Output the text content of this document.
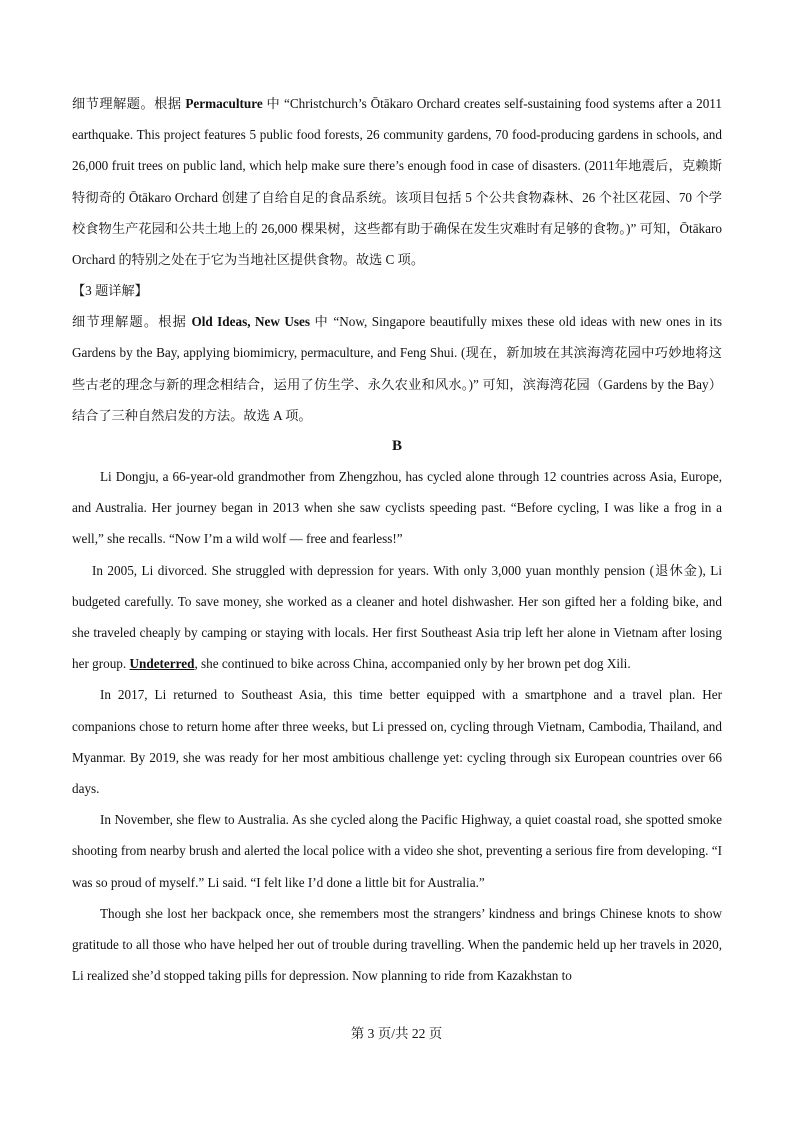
细节理解题。根据 Permaculture 中 “Christchurch’s Ōtākaro Orchard creates self-sustaining food systems after a 2011 earthquake. This project features 5 public food forests, 26 community gardens, 70 food-producing gardens in schools, and 26,000 fruit trees on public land, which help make sure there’s enough food in case of disasters. (2011年地震后，克赖斯特彻奇的 Ōtākaro Orchard 创建了自给自足的食品系统。该项目包括 5 个公共食物森林、26 个社区花园、70 个学校食物生产花园和公共土地上的 26,000 棵果树，这些都有助于确保在发生灾难时有足够的食物。)” 可知，Ōtākaro Orchard 的特别之处在于它为当地社区提供食物。故选 C 项。

【3 题详解】

细节理解题。根据 Old Ideas, New Uses 中 “Now, Singapore beautifully mixes these old ideas with new ones in its Gardens by the Bay, applying biomimicry, permaculture, and Feng Shui. (现在，新加坡在其滨海湾花园中巧妙地将这些古老的理念与新的理念相结合，运用了仿生学、永久农业和风水。)” 可知，滨海湾花园（Gardens by the Bay）结合了三种自然启发的方法。故选 A 项。

B

Li Dongju, a 66-year-old grandmother from Zhengzhou, has cycled alone through 12 countries across Asia, Europe, and Australia. Her journey began in 2013 when she saw cyclists speeding past. “Before cycling, I was like a frog in a well,” she recalls. “Now I’m a wild wolf — free and fearless!”

In 2005, Li divorced. She struggled with depression for years. With only 3,000 yuan monthly pension (退休金), Li budgeted carefully. To save money, she worked as a cleaner and hotel dishwasher. Her son gifted her a folding bike, and she traveled cheaply by camping or staying with locals. Her first Southeast Asia trip left her alone in Vietnam after losing her group. Undeterred, she continued to bike across China, accompanied only by her brown pet dog Xili.

In 2017, Li returned to Southeast Asia, this time better equipped with a smartphone and a travel plan. Her companions chose to return home after three weeks, but Li pressed on, cycling through Vietnam, Cambodia, Thailand, and Myanmar. By 2019, she was ready for her most ambitious challenge yet: cycling through six European countries over 66 days.

In November, she flew to Australia. As she cycled along the Pacific Highway, a quiet coastal road, she spotted smoke shooting from nearby brush and alerted the local police with a video she shot, preventing a serious fire from developing. “I was so proud of myself.” Li said. “I felt like I’d done a little bit for Australia.”

Though she lost her backpack once, she remembers most the strangers’ kindness and brings Chinese knots to show gratitude to all those who have helped her out of trouble during travelling. When the pandemic held up her travels in 2020, Li realized she’d stopped taking pills for depression. Now planning to ride from Kazakhstan to

第 3 页/共 22 页
